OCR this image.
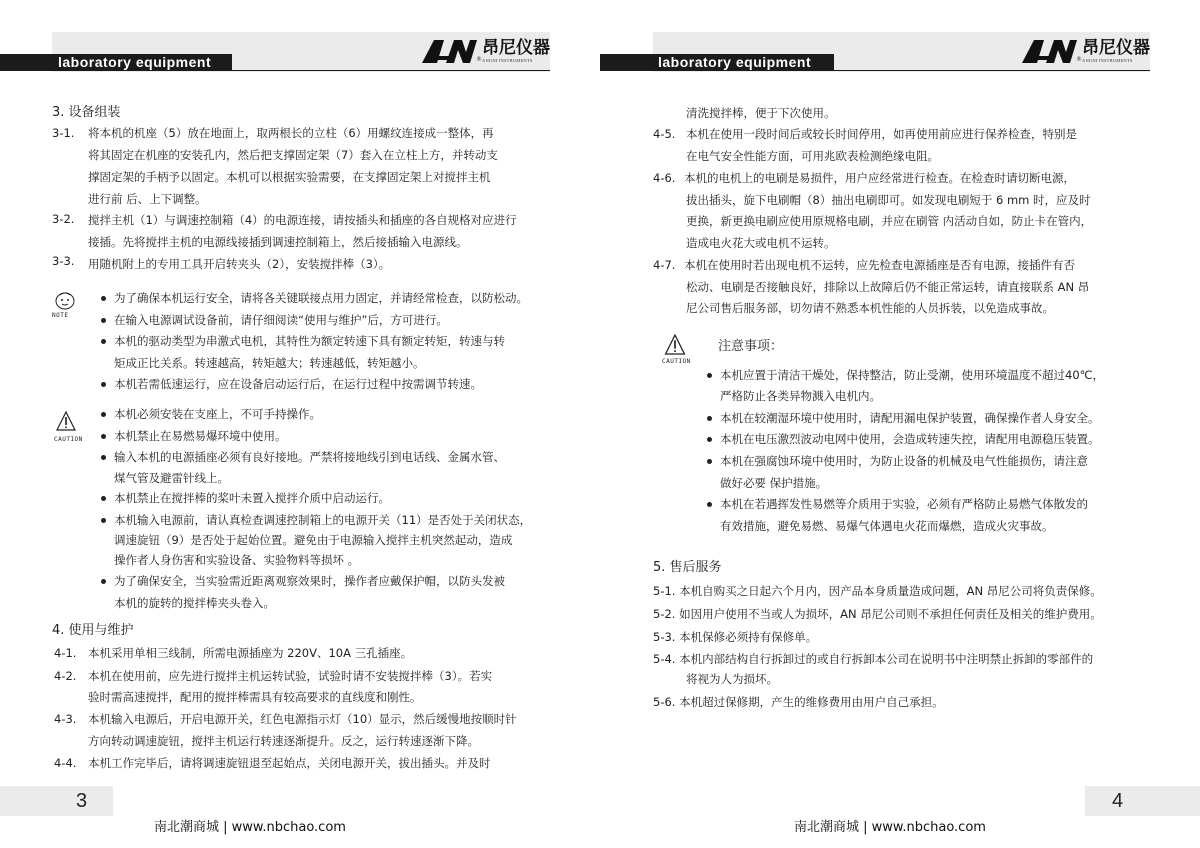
laboratory equipment	®
昂尼仪器
ANGNI INSTRUMENTS
3. 设备组装
3-1. 将本机的机座（5）放在地面上，取两根长的立柱（6）用螺纹连接成一整体，再
将其固定在机座的安装孔内，然后把支撑固定架（7）套入在立柱上方，并转动支
撑固定架的手柄予以固定。本机可以根据实验需要，在支撑固定架上对搅拌主机
进行前 后、上下调整。
3-2. 搅拌主机（1）与调速控制箱（4）的电源连接，请按插头和插座的各自规格对应进行
接插。先将搅拌主机的电源线接插到调速控制箱上，然后接插输入电源线。
3-3. 用随机附上的专用工具开启转夹头（2），安装搅拌棒（3）。
NOTE
为了确保本机运行安全，请将各关键联接点用力固定，并请经常检查，以防松动。
在输入电源调试设备前，请仔细阅读“使用与维护”后，方可进行。
本机的驱动类型为串激式电机，其特性为额定转速下具有额定转矩，转速与转
矩成正比关系。转速越高，转矩越大；转速越低，转矩越小。
本机若需低速运行，应在设备启动运行后，在运行过程中按需调节转速。
CAUTION
本机必须安装在支座上，不可手持操作。
本机禁止在易燃易爆环境中使用。
输入本机的电源插座必须有良好接地。严禁将接地线引到电话线、金属水管、
煤气管及避雷针线上。
本机禁止在搅拌棒的桨叶未置入搅拌介质中启动运行。
本机输入电源前，请认真检查调速控制箱上的电源开关（11）是否处于关闭状态，
调速旋钮（9）是否处于起始位置。避免由于电源输入搅拌主机突然起动，造成
操作者人身伤害和实验设备、实验物料等损坏 。
为了确保安全，当实验需近距离观察效果时，操作者应戴保护帽，以防头发被
本机的旋转的搅拌棒夹头卷入。
4. 使用与维护
4-1. 本机采用单相三线制，所需电源插座为 220V、10A 三孔插座。
4-2. 本机在使用前，应先进行搅拌主机运转试验，试验时请不安装搅拌棒（3）。若实
验时需高速搅拌，配用的搅拌棒需具有较高要求的直线度和刚性。
4-3. 本机输入电源后，开启电源开关，红色电源指示灯（10）显示，然后缓慢地按顺时针
方向转动调速旋钮，搅拌主机运行转速逐渐提升。反之，运行转速逐渐下降。
4-4. 本机工作完毕后，请将调速旋钮退至起始点，关闭电源开关，拔出插头。并及时
3
南北潮商城 | www.nbchao.com
laboratory equipment	®
昂尼仪器
ANGNI INSTRUMENTS
清洗搅拌棒，便于下次使用。
4-5. 本机在使用一段时间后或较长时间停用，如再使用前应进行保养检查，特别是
在电气安全性能方面，可用兆欧表检测绝缘电阻。
4-6. 本机的电机上的电刷是易损件，用户应经常进行检查。在检查时请切断电源，
拔出插头，旋下电刷帽（8）抽出电刷即可。如发现电刷短于 6 mm 时，应及时
更换，新更换电刷应使用原规格电刷，并应在刷管 内活动自如，防止卡在管内，
造成电火花大或电机不运转。
4-7. 本机在使用时若出现电机不运转，应先检查电源插座是否有电源，接插件有否
松动、电刷是否接触良好，排除以上故障后仍不能正常运转，请直接联系 AN 昂
尼公司售后服务部，切勿请不熟悉本机性能的人员拆装，以免造成事故。
CAUTION
注意事项：
本机应置于清洁干燥处，保持整洁，防止受潮，使用环境温度不超过40℃，
严格防止各类异物溅入电机内。
本机在较潮湿环境中使用时，请配用漏电保护装置，确保操作者人身安全。
本机在电压激烈波动电网中使用，会造成转速失控，请配用电源稳压装置。
本机在强腐蚀环境中使用时，为防止设备的机械及电气性能损伤，请注意
做好必要 保护措施。
本机在若遇挥发性易燃等介质用于实验，必须有严格防止易燃气体散发的
有效措施，避免易燃、易爆气体遇电火花而爆燃，造成火灾事故。
5. 售后服务
5-1. 本机自购买之日起六个月内，因产品本身质量造成问题，AN 昂尼公司将负责保修。
5-2. 如因用户使用不当或人为损坏，AN 昂尼公司则不承担任何责任及相关的维护费用。
5-3. 本机保修必须持有保修单。
5-4. 本机内部结构自行拆卸过的或自行拆卸本公司在说明书中注明禁止拆卸的零部件的
将视为人为损坏。
5-6. 本机超过保修期，产生的维修费用由用户自己承担。
4
南北潮商城 | www.nbchao.com
